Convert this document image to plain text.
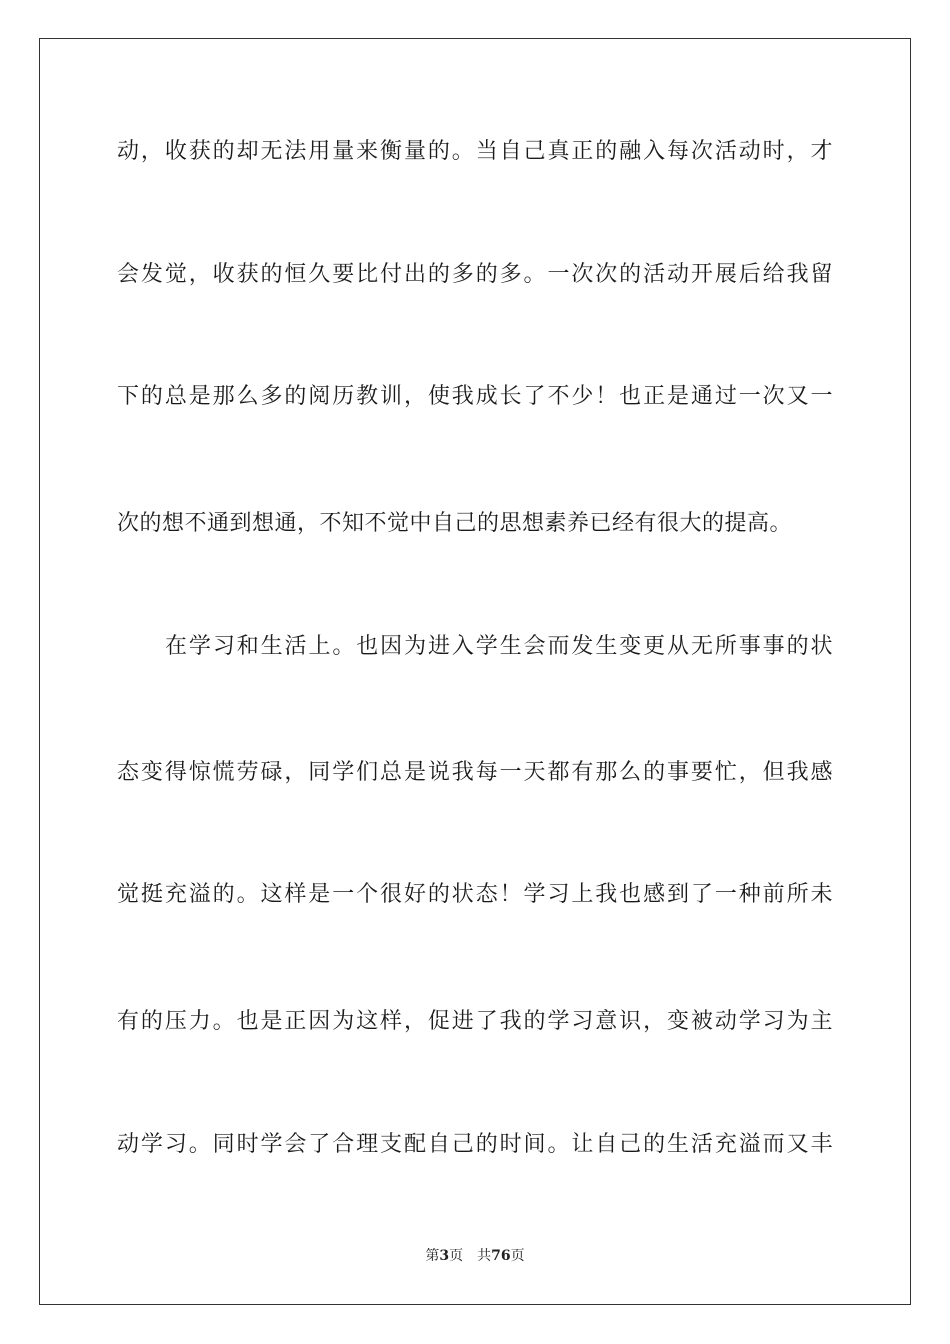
动，收获的却无法用量来衡量的。当自己真正的融入每次活动时，才
会发觉，收获的恒久要比付出的多的多。一次次的活动开展后给我留
下的总是那么多的阅历教训，使我成长了不少！也正是通过一次又一
次的想不通到想通，不知不觉中自己的思想素养已经有很大的提高。
在学习和生活上。也因为进入学生会而发生变更从无所事事的状
态变得惊慌劳碌，同学们总是说我每一天都有那么的事要忙，但我感
觉挺充溢的。这样是一个很好的状态！学习上我也感到了一种前所未
有的压力。也是正因为这样，促进了我的学习意识，变被动学习为主
动学习。同时学会了合理支配自己的时间。让自己的生活充溢而又丰
第3页 共76页
